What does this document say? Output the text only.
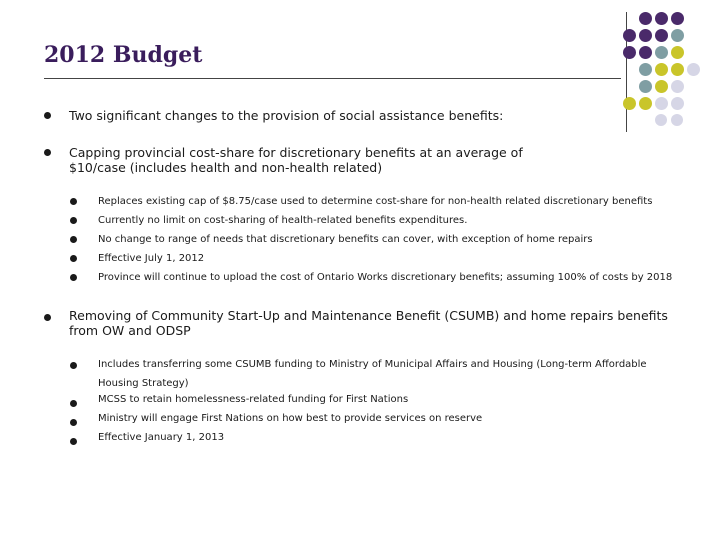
2012 Budget
Two significant changes to the provision of social assistance benefits:
Capping provincial cost-share for discretionary benefits at an average of $10/case (includes health and non-health related)
Replaces existing cap of $8.75/case used to determine cost-share for non-health related discretionary benefits
Currently no limit on cost-sharing of health-related benefits expenditures.
No change to range of needs that discretionary benefits can cover, with exception of home repairs
Effective July 1, 2012
Province will continue to upload the cost of Ontario Works discretionary benefits; assuming 100% of costs by 2018
Removing of Community Start-Up and Maintenance Benefit (CSUMB) and home repairs benefits from OW and ODSP
Includes transferring some CSUMB funding to Ministry of Municipal Affairs and Housing (Long-term Affordable Housing Strategy)
MCSS to retain homelessness-related funding for First Nations
Ministry will engage First Nations on how best to provide services on reserve
Effective January 1, 2013
